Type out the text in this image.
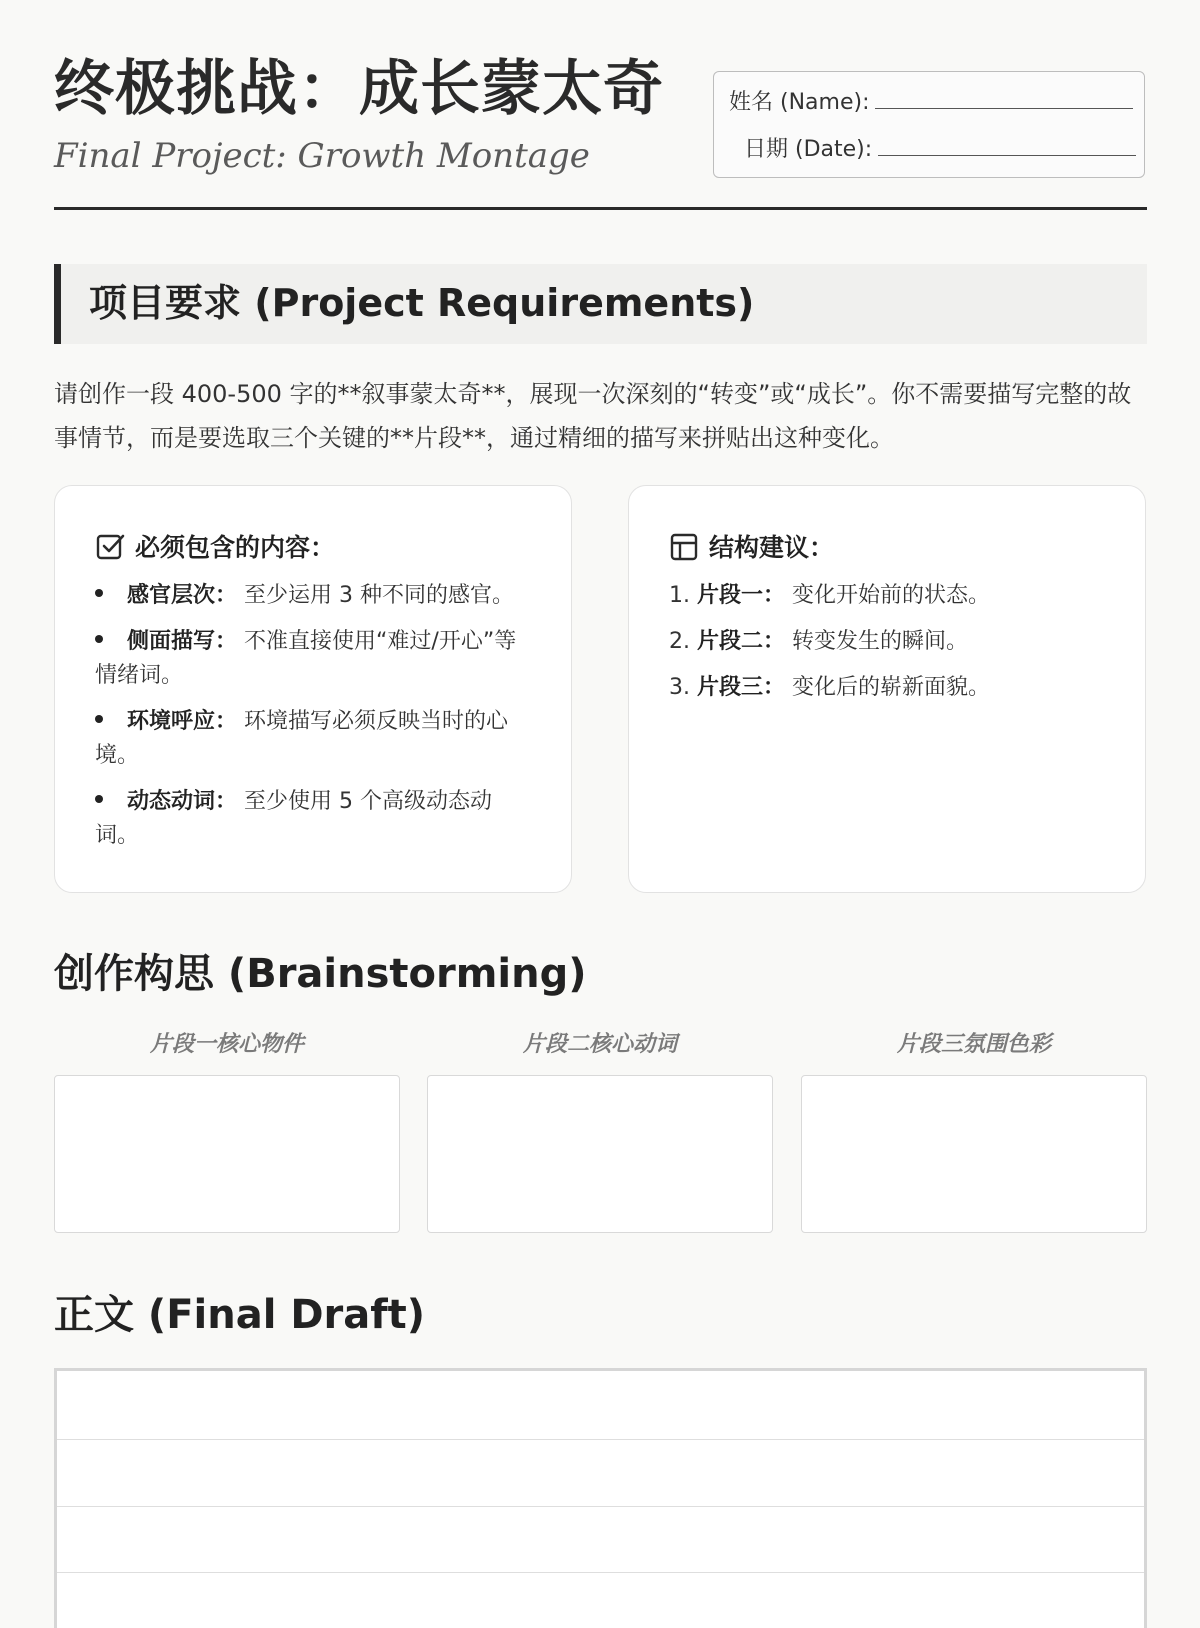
终极挑战：成长蒙太奇
Final Project: Growth Montage
姓名 (Name):
日期 (Date):
项目要求 (Project Requirements)

请创作一段 400-500 字的**叙事蒙太奇**，展现一次深刻的“转变”或“成长”。你不需要描写完整的故事情节，而是要选取三个关键的**片段**，通过精细的描写来拼贴出这种变化。

必须包含的内容：
感官层次： 至少运用 3 种不同的感官。
侧面描写： 不准直接使用“难过/开心”等情绪词。
环境呼应： 环境描写必须反映当时的心境。
动态动词： 至少使用 5 个高级动态动词。
结构建议：
1. 片段一： 变化开始前的状态。
2. 片段二： 转变发生的瞬间。
3. 片段三： 变化后的崭新面貌。
创作构思 (Brainstorming)
片段一核心物件	片段二核心动词	片段三氛围色彩
正文 (Final Draft)
